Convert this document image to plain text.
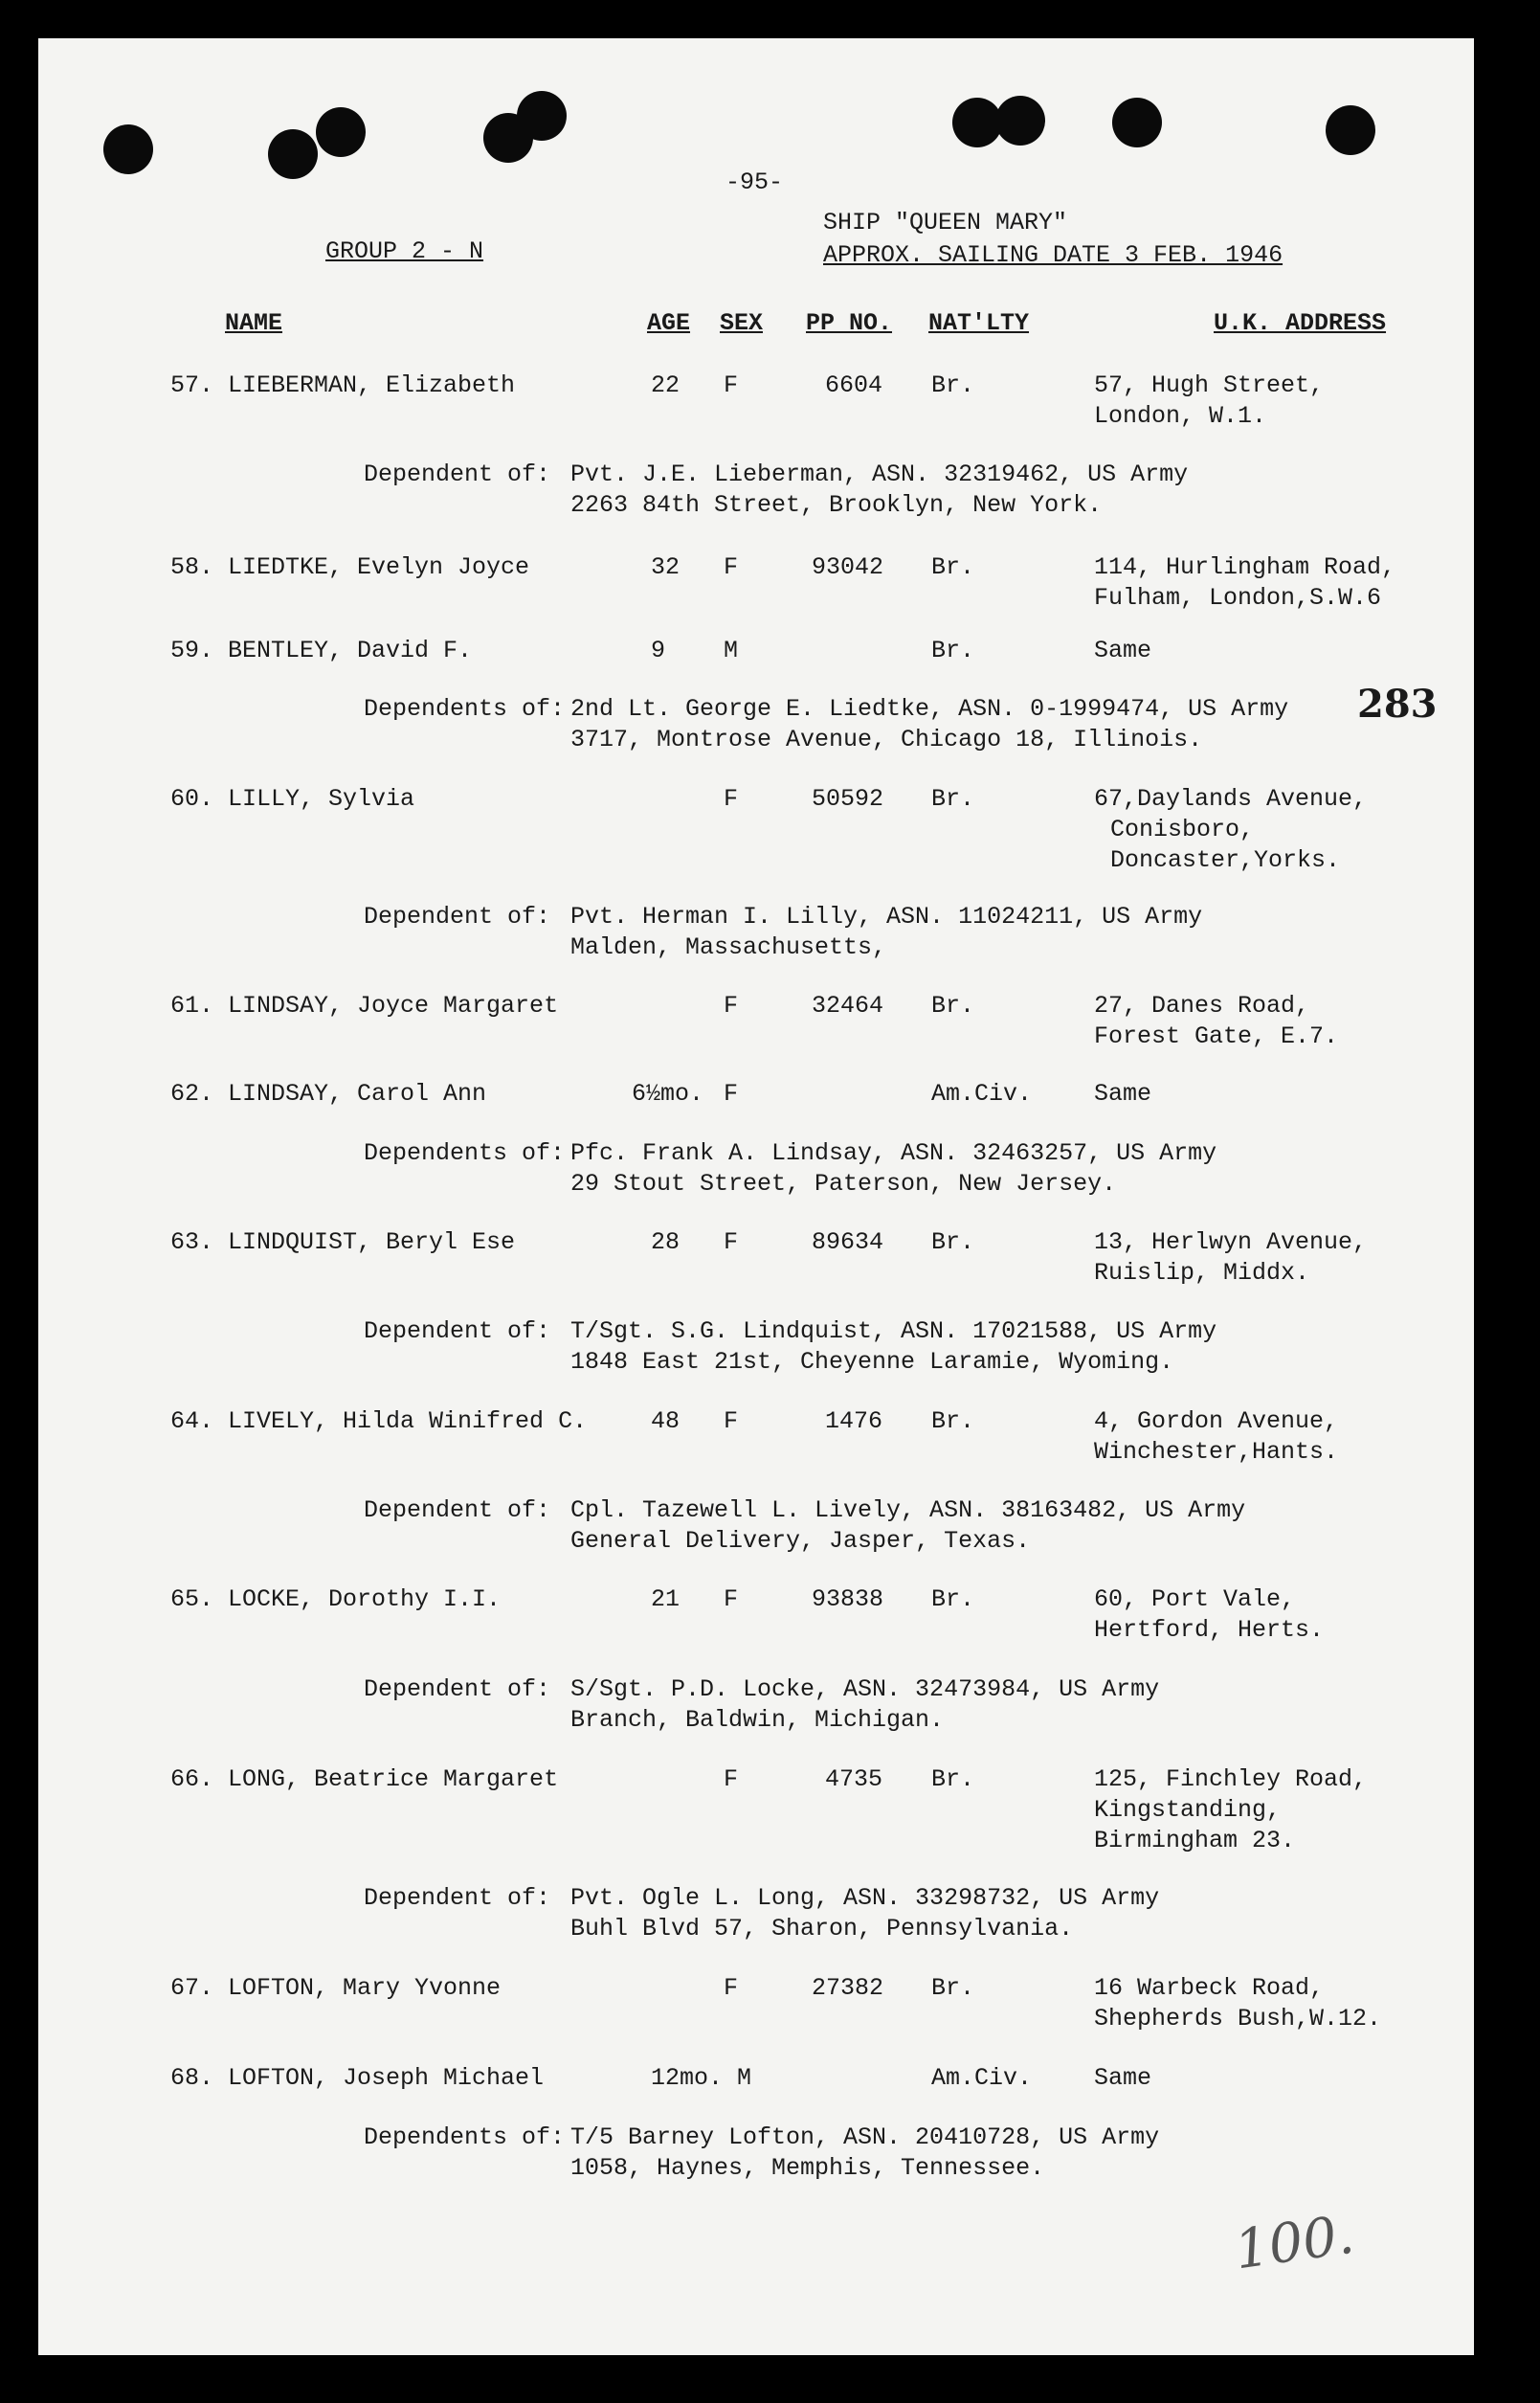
-95-
SHIP "QUEEN MARY"
GROUP 2 - N	APPROX. SAILING DATE 3 FEB. 1946
NAME	AGE SEX PP NO. NAT'LTY	U.K. ADDRESS
57. LIEBERMAN, Elizabeth	22 F	6604 Br.	57, Hugh Street,
London, W.1.
Dependent of: Pvt. J.E. Lieberman, ASN. 32319462, US Army
2263 84th Street, Brooklyn, New York.
58. LIEDTKE, Evelyn Joyce	32 F	93042 Br.	114, Hurlingham Road,
Fulham, London,S.W.6
59. BENTLEY, David F.	9 M	Br.	Same
Dependents of: 2nd Lt. George E. Liedtke, ASN. 0-1999474, US Army
3717, Montrose Avenue, Chicago 18, Illinois.
283
60. LILLY, Sylvia	F	50592 Br.	67,Daylands Avenue,
Conisboro,
Doncaster,Yorks.
Dependent of: Pvt. Herman I. Lilly, ASN. 11024211, US Army
Malden, Massachusetts,
61. LINDSAY, Joyce Margaret	F	32464 Br.	27, Danes Road,
Forest Gate, E.7.
62. LINDSAY, Carol Ann	6½mo. F	Am.Civ.	Same
Dependents of: Pfc. Frank A. Lindsay, ASN. 32463257, US Army
29 Stout Street, Paterson, New Jersey.
63. LINDQUIST, Beryl Ese	28 F	89634 Br.	13, Herlwyn Avenue,
Ruislip, Middx.
Dependent of: T/Sgt. S.G. Lindquist, ASN. 17021588, US Army
1848 East 21st, Cheyenne Laramie, Wyoming.
64. LIVELY, Hilda Winifred C.	48 F	1476 Br.	4, Gordon Avenue,
Winchester,Hants.
Dependent of: Cpl. Tazewell L. Lively, ASN. 38163482, US Army
General Delivery, Jasper, Texas.
65. LOCKE, Dorothy I.I.	21 F	93838 Br.	60, Port Vale,
Hertford, Herts.
Dependent of: S/Sgt. P.D. Locke, ASN. 32473984, US Army
Branch, Baldwin, Michigan.
66. LONG, Beatrice Margaret	F	4735 Br.	125, Finchley Road,
Kingstanding,
Birmingham 23.
Dependent of: Pvt. Ogle L. Long, ASN. 33298732, US Army
Buhl Blvd 57, Sharon, Pennsylvania.
67. LOFTON, Mary Yvonne	F	27382 Br.	16 Warbeck Road,
Shepherds Bush,W.12.
68. LOFTON, Joseph Michael	12mo. M	Am.Civ.	Same
Dependents of: T/5 Barney Lofton, ASN. 20410728, US Army
1058, Haynes, Memphis, Tennessee.
100.
